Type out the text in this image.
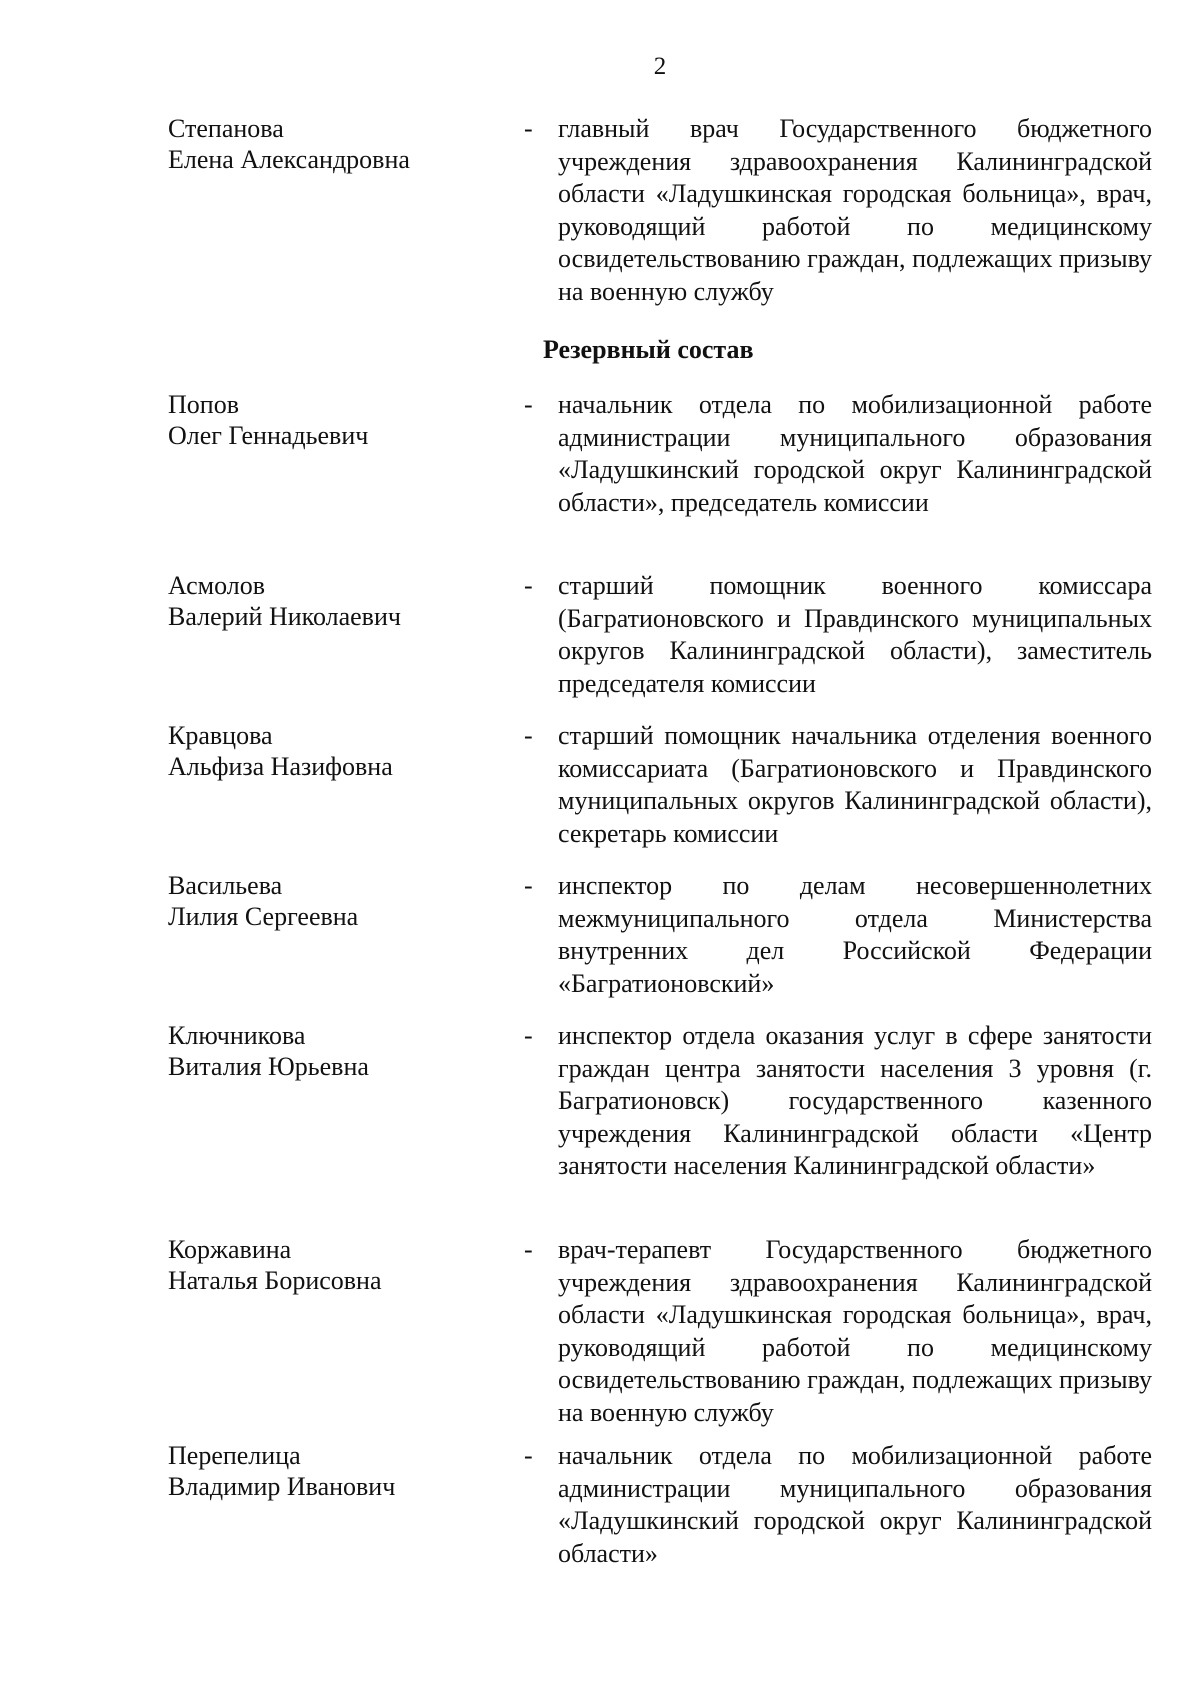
2
Степанова
Елена Александровна
- главный врач Государственного бюджетного учреждения здравоохранения Калининградской области «Ладушкинская городская больница», врач, руководящий работой по медицинскому освидетельствованию граждан, подлежащих призыву на военную службу
Резервный состав
Попов
Олег Геннадьевич
- начальник отдела по мобилизационной работе администрации муниципального образования «Ладушкинский городской округ Калининградской области», председатель комиссии
Асмолов
Валерий Николаевич
- старший помощник военного комиссара (Багратионовского и Правдинского муниципальных округов Калининградской области), заместитель председателя комиссии
Кравцова
Альфиза Назифовна
- старший помощник начальника отделения военного комиссариата (Багратионовского и Правдинского муниципальных округов Калининградской области), секретарь комиссии
Васильева
Лилия Сергеевна
- инспектор по делам несовершеннолетних межмуниципального отдела Министерства внутренних дел Российской Федерации «Багратионовский»
Ключникова
Виталия Юрьевна
- инспектор отдела оказания услуг в сфере занятости граждан центра занятости населения 3 уровня (г. Багратионовск) государственного казенного учреждения Калининградской области «Центр занятости населения Калининградской области»
Коржавина
Наталья Борисовна
- врач-терапевт Государственного бюджетного учреждения здравоохранения Калининградской области «Ладушкинская городская больница», врач, руководящий работой по медицинскому освидетельствованию граждан, подлежащих призыву на военную службу
Перепелица
Владимир Иванович
- начальник отдела по мобилизационной работе администрации муниципального образования «Ладушкинский городской округ Калининградской области»
